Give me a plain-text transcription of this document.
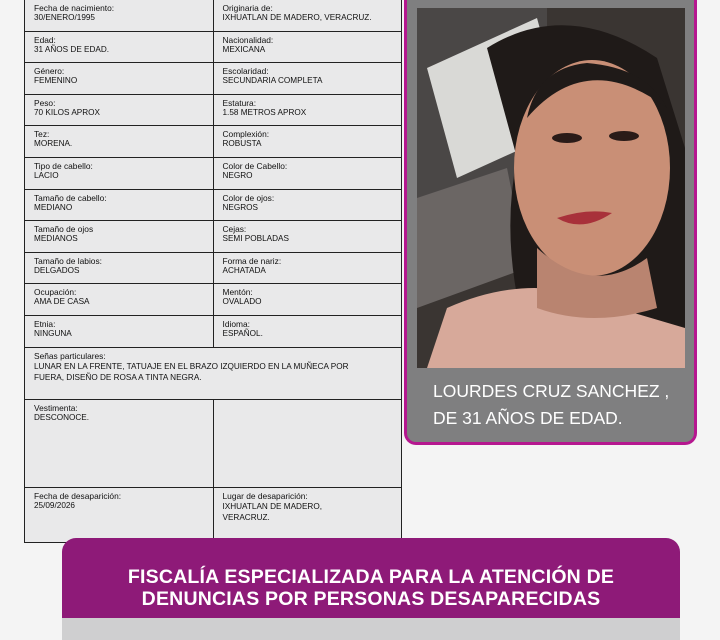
Fecha de nacimiento:
30/ENERO/1995
Originaria de:
IXHUATLAN DE MADERO, VERACRUZ.
Edad:
31 AÑOS DE EDAD.
Nacionalidad:
MEXICANA
Género:
FEMENINO
Escolaridad:
SECUNDARIA COMPLETA
Peso:
70 KILOS APROX
Estatura:
1.58 METROS APROX
Tez:
MORENA.
Complexión:
ROBUSTA
Tipo de cabello:
LACIO
Color de Cabello:
NEGRO
Tamaño de cabello:
MEDIANO
Color de ojos:
NEGROS
Tamaño de ojos
MEDIANOS
Cejas:
SEMI POBLADAS
Tamaño de labios:
DELGADOS
Forma de nariz:
ACHATADA
Ocupación:
AMA DE CASA
Mentón:
OVALADO
Etnia:
NINGUNA
Idioma:
ESPAÑOL.
Señas particulares:
LUNAR EN LA FRENTE, TATUAJE EN EL BRAZO IZQUIERDO EN LA MUÑECA POR FUERA, DISEÑO DE ROSA A TINTA NEGRA.
Vestimenta:
DESCONOCE.
Fecha de desaparición:
25/09/2026
Lugar de desaparición:
IXHUATLAN DE MADERO, VERACRUZ.
LOURDES CRUZ SANCHEZ ,
DE 31 AÑOS DE EDAD.
FISCALÍA ESPECIALIZADA PARA LA ATENCIÓN DE
DENUNCIAS POR PERSONAS DESAPARECIDAS
